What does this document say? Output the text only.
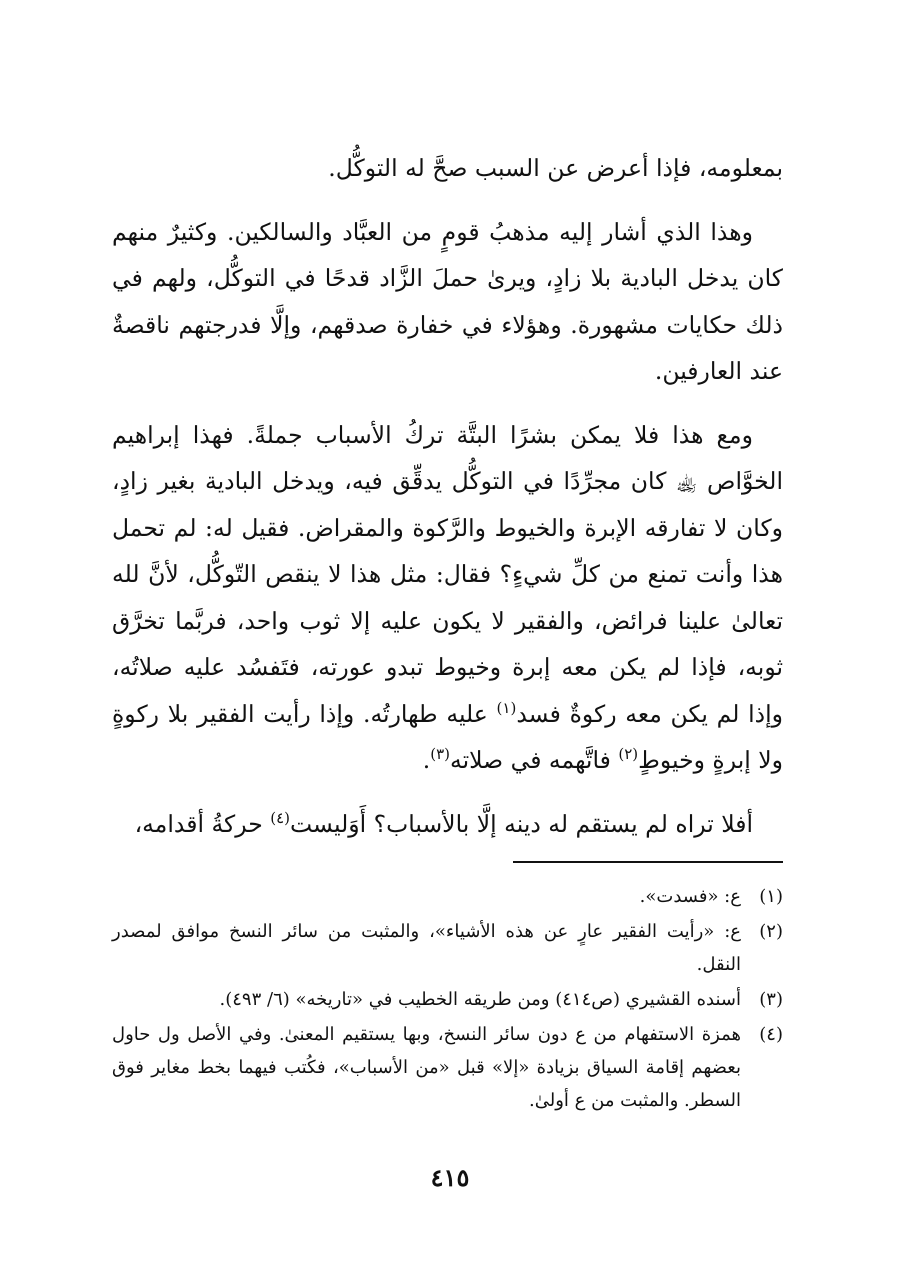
بمعلومه، فإذا أعرض عن السبب صحَّ له التوكُّل.

وهذا الذي أشار إليه مذهبُ قومٍ من العبَّاد والسالكين. وكثيرٌ منهم كان يدخل البادية بلا زادٍ، ويرىٰ حملَ الزَّاد قدحًا في التوكُّل، ولهم في ذلك حكايات مشهورة. وهؤلاء في خفارة صدقهم، وإلَّا فدرجتهم ناقصةٌ عند العارفين.

ومع هذا فلا يمكن بشرًا البتَّة تركُ الأسباب جملةً. فهذا إبراهيم الخوَّاص ﵀ كان مجرِّدًا في التوكُّل يدقِّق فيه، ويدخل البادية بغير زادٍ، وكان لا تفارقه الإبرة والخيوط والرَّكوة والمقراض. فقيل له: لم تحمل هذا وأنت تمنع من كلِّ شيءٍ؟ فقال: مثل هذا لا ينقص التّوكُّل، لأنَّ لله تعالىٰ علينا فرائض، والفقير لا يكون عليه إلا ثوب واحد، فربَّما تخرَّق ثوبه، فإذا لم يكن معه إبرة وخيوط تبدو عورته، فتَفسُد عليه صلاتُه، وإذا لم يكن معه ركوةٌ فسد$^{(١)}$ عليه طهارتُه. وإذا رأيت الفقير بلا ركوةٍ ولا إبرةٍ وخيوطٍ$^{(٢)}$ فاتَّهمه في صلاته$^{(٣)}$.

أفلا تراه لم يستقم له دينه إلَّا بالأسباب؟ أَوَليست$^{(٤)}$ حركةُ أقدامه،

(١)
ع: «فسدت».
(٢)
ع: «رأيت الفقير عارٍ عن هذه الأشياء»، والمثبت من سائر النسخ موافق لمصدر النقل.
(٣)
أسنده القشيري (ص٤١٤) ومن طريقه الخطيب في «تاريخه» (٦/ ٤٩٣).
(٤)
همزة الاستفهام من ع دون سائر النسخ، وبها يستقيم المعنىٰ. وفي الأصل ول حاول بعضهم إقامة السياق بزيادة «إلا» قبل «من الأسباب»، فكُتب فيهما بخط مغاير فوق السطر. والمثبت من ع أولىٰ.
٤١٥
